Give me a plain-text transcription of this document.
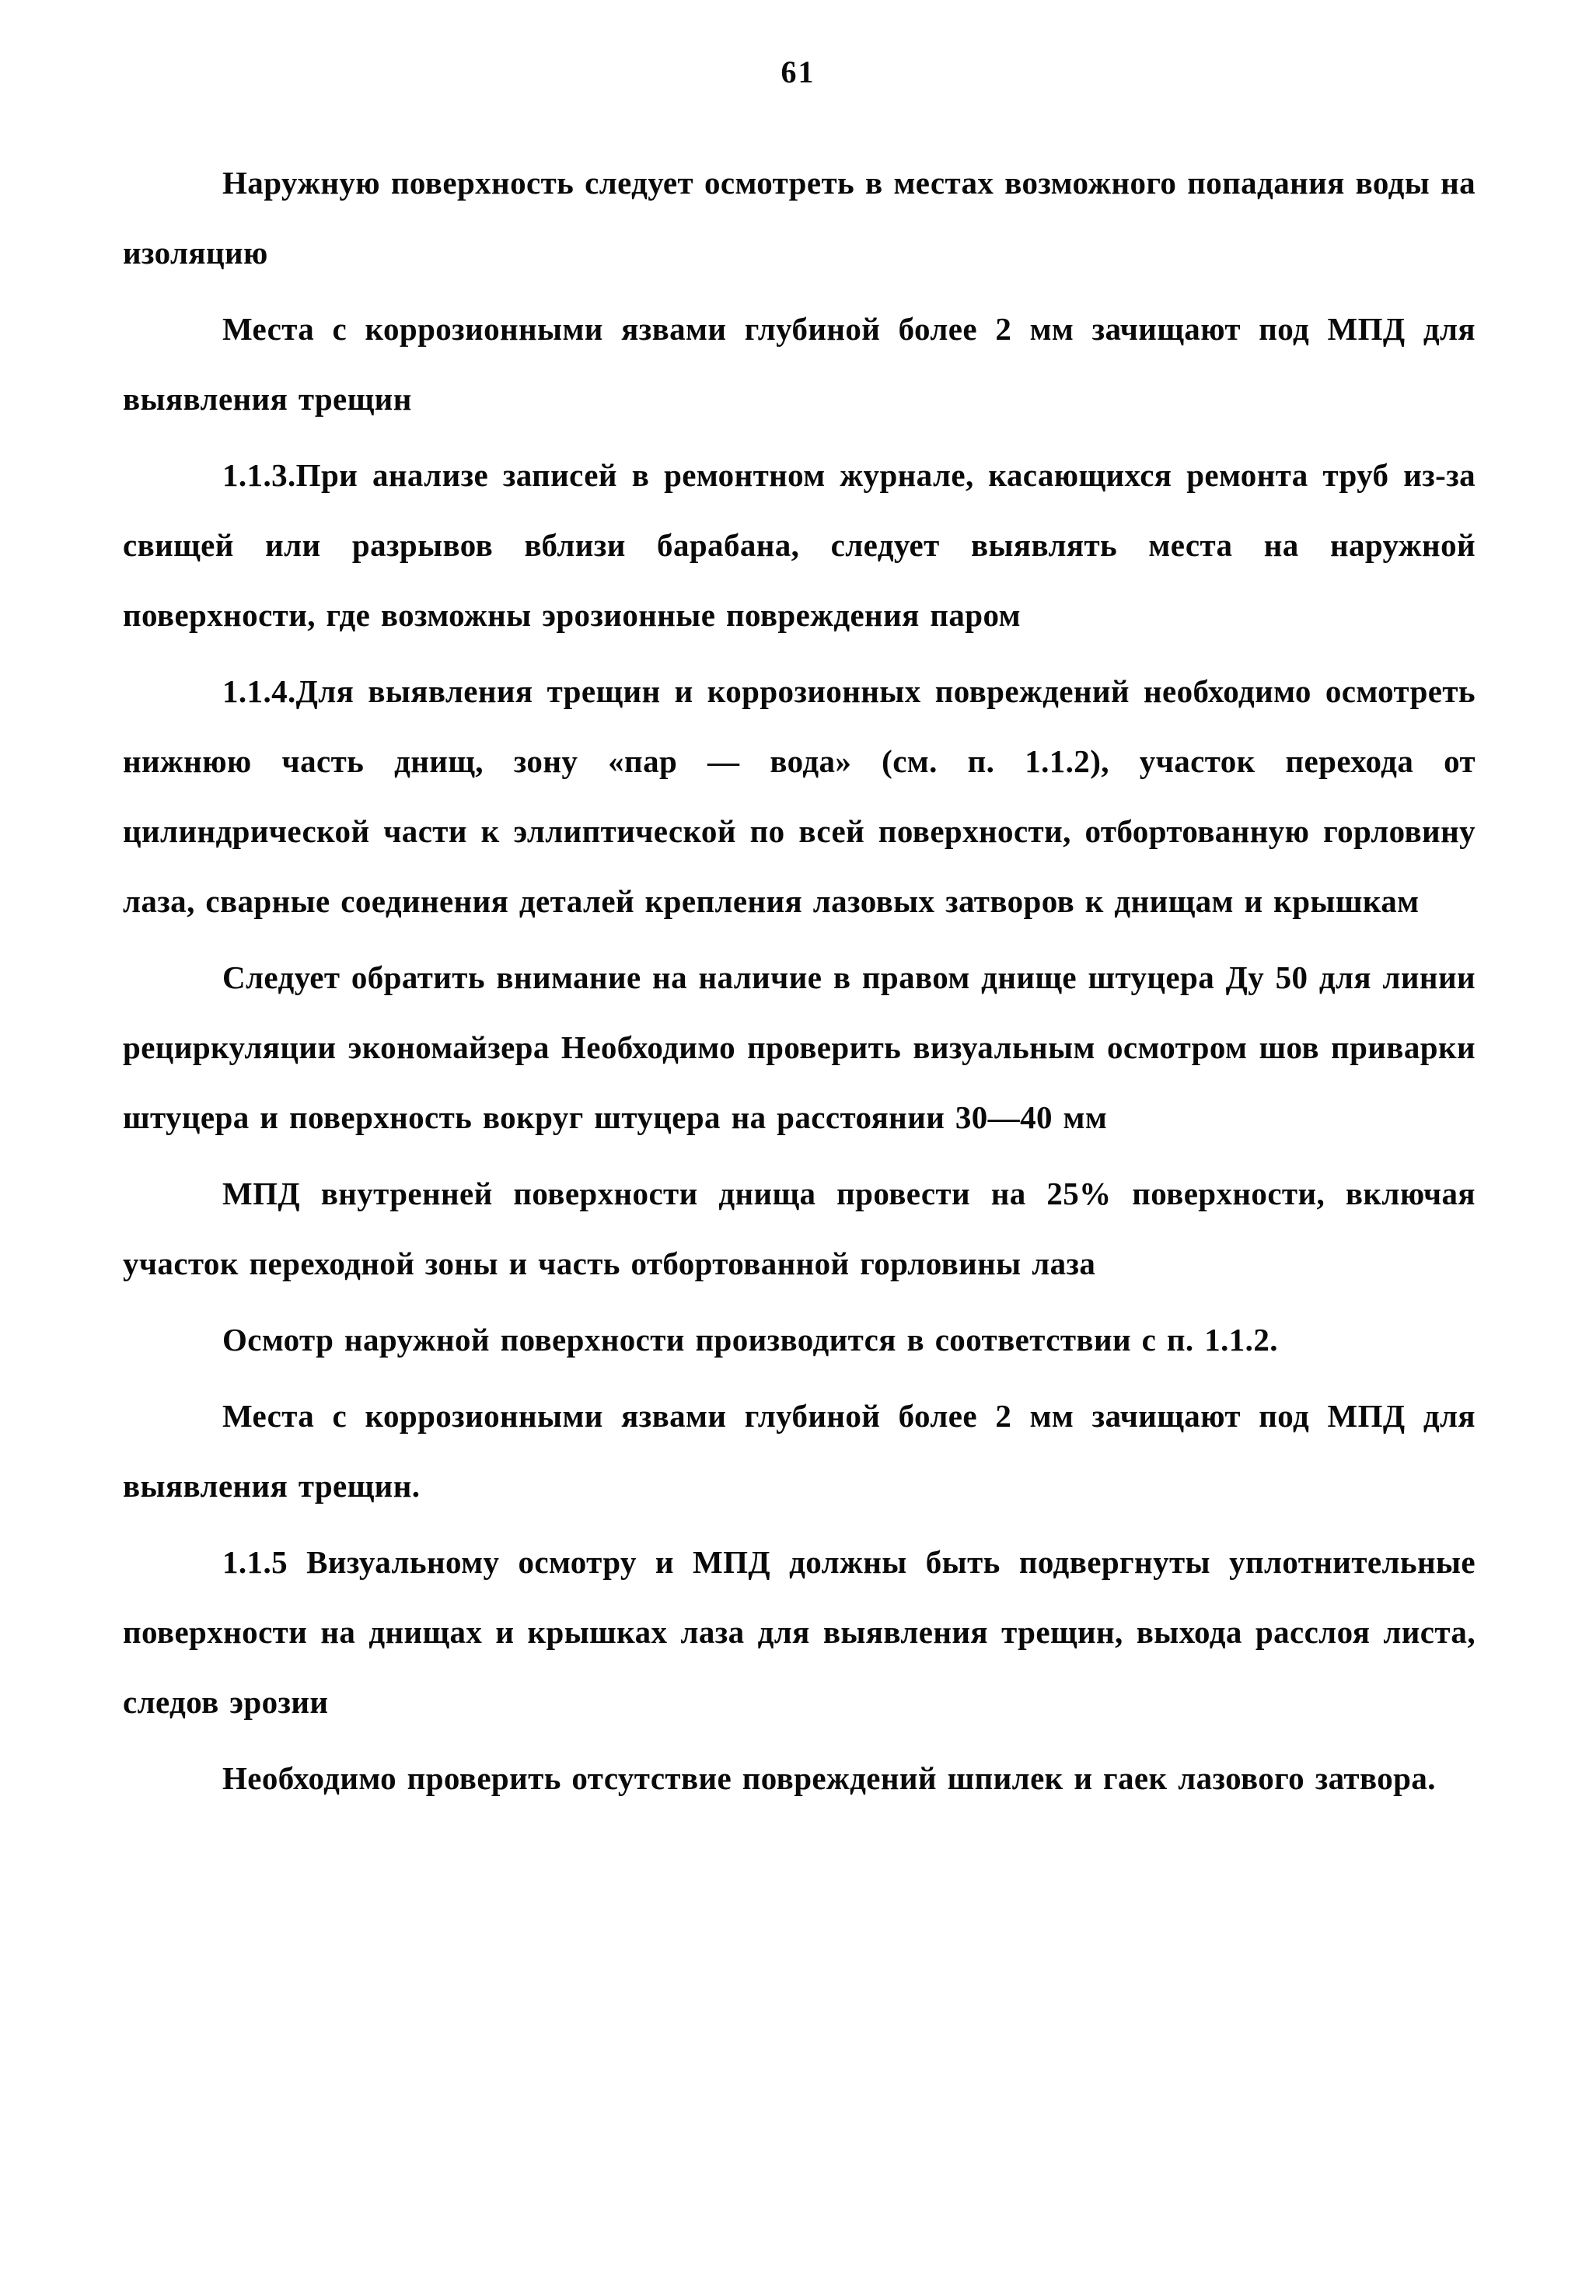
61

Наружную поверхность следует осмотреть в местах возможного попадания воды на изоляцию

Места с коррозионными язвами глубиной более 2 мм зачищают под МПД для выявления трещин

1.1.3.При анализе записей в ремонтном журнале, касающихся ремонта труб из-за свищей или разрывов вблизи барабана, следует выявлять места на наружной поверхности, где возможны эрозионные повреждения паром

1.1.4.Для выявления трещин и коррозионных повреждений необходимо осмотреть нижнюю часть днищ, зону «пар — вода» (см. п. 1.1.2), участок перехода от цилиндрической части к эллиптической по всей поверхности, отбортованную горловину лаза, сварные соединения деталей крепления лазовых затворов к днищам и крышкам

Следует обратить внимание на наличие в правом днище штуцера Ду 50 для линии рециркуляции экономайзера Необходимо проверить визуальным осмотром шов приварки штуцера и поверхность вокруг штуцера на расстоянии 30—40 мм

МПД внутренней поверхности днища провести на 25% поверхности, включая участок переходной зоны и часть отбортованной горловины лаза

Осмотр наружной поверхности производится в соответствии с п. 1.1.2.

Места с коррозионными язвами глубиной более 2 мм зачищают под МПД для выявления трещин.

1.1.5 Визуальному осмотру и МПД должны быть подвергнуты уплотнительные поверхности на днищах и крышках лаза для выявления трещин, выхода расслоя листа, следов эрозии

Необходимо проверить отсутствие повреждений шпилек и гаек лазового затвора.
